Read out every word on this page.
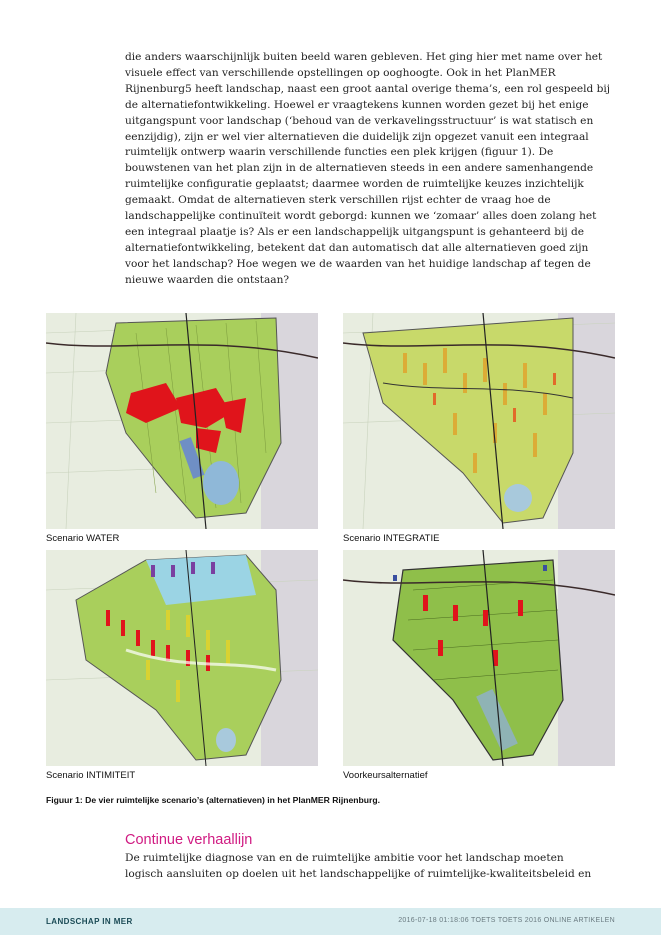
die anders waarschijnlijk buiten beeld waren gebleven. Het ging hier met name over het
visuele effect van verschillende opstellingen op ooghoogte. Ook in het PlanMER
Rijnenburg5 heeft landschap, naast een groot aantal overige thema’s, een rol gespeeld bij
de alternatiefontwikkeling. Hoewel er vraagtekens kunnen worden gezet bij het enige
uitgangspunt voor landschap (‘behoud van de verkavelingsstructuur’ is wat statisch en
eenzijdig), zijn er wel vier alternatieven die duidelijk zijn opgezet vanuit een integraal
ruimtelijk ontwerp waarin verschillende functies een plek krijgen (figuur 1). De
bouwstenen van het plan zijn in de alternatieven steeds in een andere samenhangende
ruimtelijke configuratie geplaatst; daarmee worden de ruimtelijke keuzes inzichtelijk
gemaakt. Omdat de alternatieven sterk verschillen rijst echter de vraag hoe de
landschappelijke continuïteit wordt geborgd: kunnen we ‘zomaar’ alles doen zolang het
een integraal plaatje is? Als er een landschappelijk uitgangspunt is gehanteerd bij de
alternatiefontwikkeling, betekent dat dan automatisch dat alle alternatieven goed zijn
voor het landschap? Hoe wegen we de waarden van het huidige landschap af tegen de
nieuwe waarden die ontstaan?

Scenario WATER	Scenario INTEGRATIE

Scenario INTIMITEIT	Voorkeursalternatief

Figuur 1: De vier ruimtelijke scenario’s (alternatieven) in het PlanMER Rijnenburg.

Continue verhaallijn
De ruimtelijke diagnose van en de ruimtelijke ambitie voor het landschap moeten
logisch aansluiten op doelen uit het landschappelijke of ruimtelijke-kwaliteitsbeleid en
LANDSCHAP IN MER	2016-07-18 01:18:06 TOETS TOETS 2016 ONLINE ARTIKELEN
